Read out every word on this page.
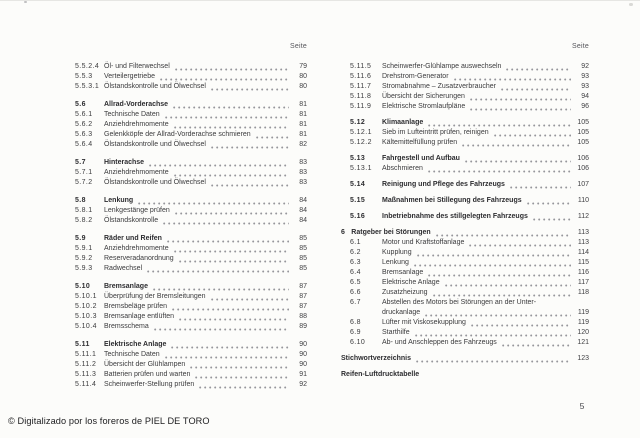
Seite
5.5.2.4 Öl- und Filterwechsel	79
5.5.3	Verteilergetriebe	80
5.5.3.1 Ölstandskontrolle und Ölwechsel	80
5.6	Allrad-Vorderachse	81
5.6.1	Technische Daten	81
5.6.2	Anziehdrehmomente	81
5.6.3	Gelenkköpfe der Allrad-Vorderachse schmieren	81
5.6.4	Ölstandskontrolle und Ölwechsel	82
5.7	Hinterachse	83
5.7.1	Anziehdrehmomente	83
5.7.2	Ölstandskontrolle und Ölwechsel	83
5.8	Lenkung	84
5.8.1	Lenkgestänge prüfen	84
5.8.2	Ölstandskontrolle	84
5.9	Räder und Reifen	85
5.9.1	Anziehdrehmomente	85
5.9.2	Reserveradanordnung	85
5.9.3	Radwechsel	85
5.10	Bremsanlage	87
5.10.1	Überprüfung der Bremsleitungen	87
5.10.2	Bremsbeläge prüfen	87
5.10.3	Bremsanlage entlüften	88
5.10.4	Bremsschema	89
5.11	Elektrische Anlage	90
5.11.1	Technische Daten	90
5.11.2	Übersicht der Glühlampen	90
5.11.3	Batterien prüfen und warten	91
5.11.4	Scheinwerfer-Stellung prüfen	92
Seite
5.11.5	Scheinwerfer-Glühlampe auswechseln	92
5.11.6	Drehstrom-Generator	93
5.11.7	Stromabnahme – Zusatzverbraucher	93
5.11.8	Übersicht der Sicherungen	94
5.11.9	Elektrische Stromlaufpläne	96
5.12	Klimaanlage	105
5.12.1	Sieb im Lufteintritt prüfen, reinigen	105
5.12.2	Kältemittelfüllung prüfen	105
5.13	Fahrgestell und Aufbau	106
5.13.1	Abschmieren	106
5.14	Reinigung und Pflege des Fahrzeugs	107
5.15	Maßnahmen bei Stillegung des Fahrzeugs	110
5.16	Inbetriebnahme des stillgelegten Fahrzeugs	112
6 Ratgeber bei Störungen	113
6.1	Motor und Kraftstoffanlage	113
6.2	Kupplung	114
6.3	Lenkung	115
6.4	Bremsanlage	116
6.5	Elektrische Anlage	117
6.6	Zusatzheizung	118
6.7	Abstellen des Motors bei Störungen an der Unter-
druckanlage	119
6.8	Lüfter mit Viskosekupplung	119
6.9	Starthilfe	120
6.10	Ab- und Anschleppen des Fahrzeugs	121
Stichwortverzeichnis	123
Reifen-Luftdrucktabelle
© Digitalizado por los foreros de PIEL DE TORO
5
